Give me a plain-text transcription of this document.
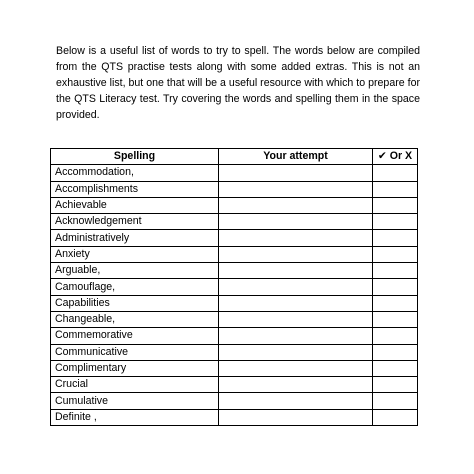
Below is a useful list of words to try to spell. The words below are compiled from the QTS practise tests along with some added extras. This is not an exhaustive list, but one that will be a useful resource with which to prepare for the QTS Literacy test. Try covering the words and spelling them in the space provided.

Spelling	Your attempt	✔ Or X
Accommodation,		
Accomplishments		
Achievable		
Acknowledgement		
Administratively		
Anxiety		
Arguable,		
Camouflage,		
Capabilities		
Changeable,		
Commemorative		
Communicative		
Complimentary		
Crucial		
Cumulative		
Definite ,		
